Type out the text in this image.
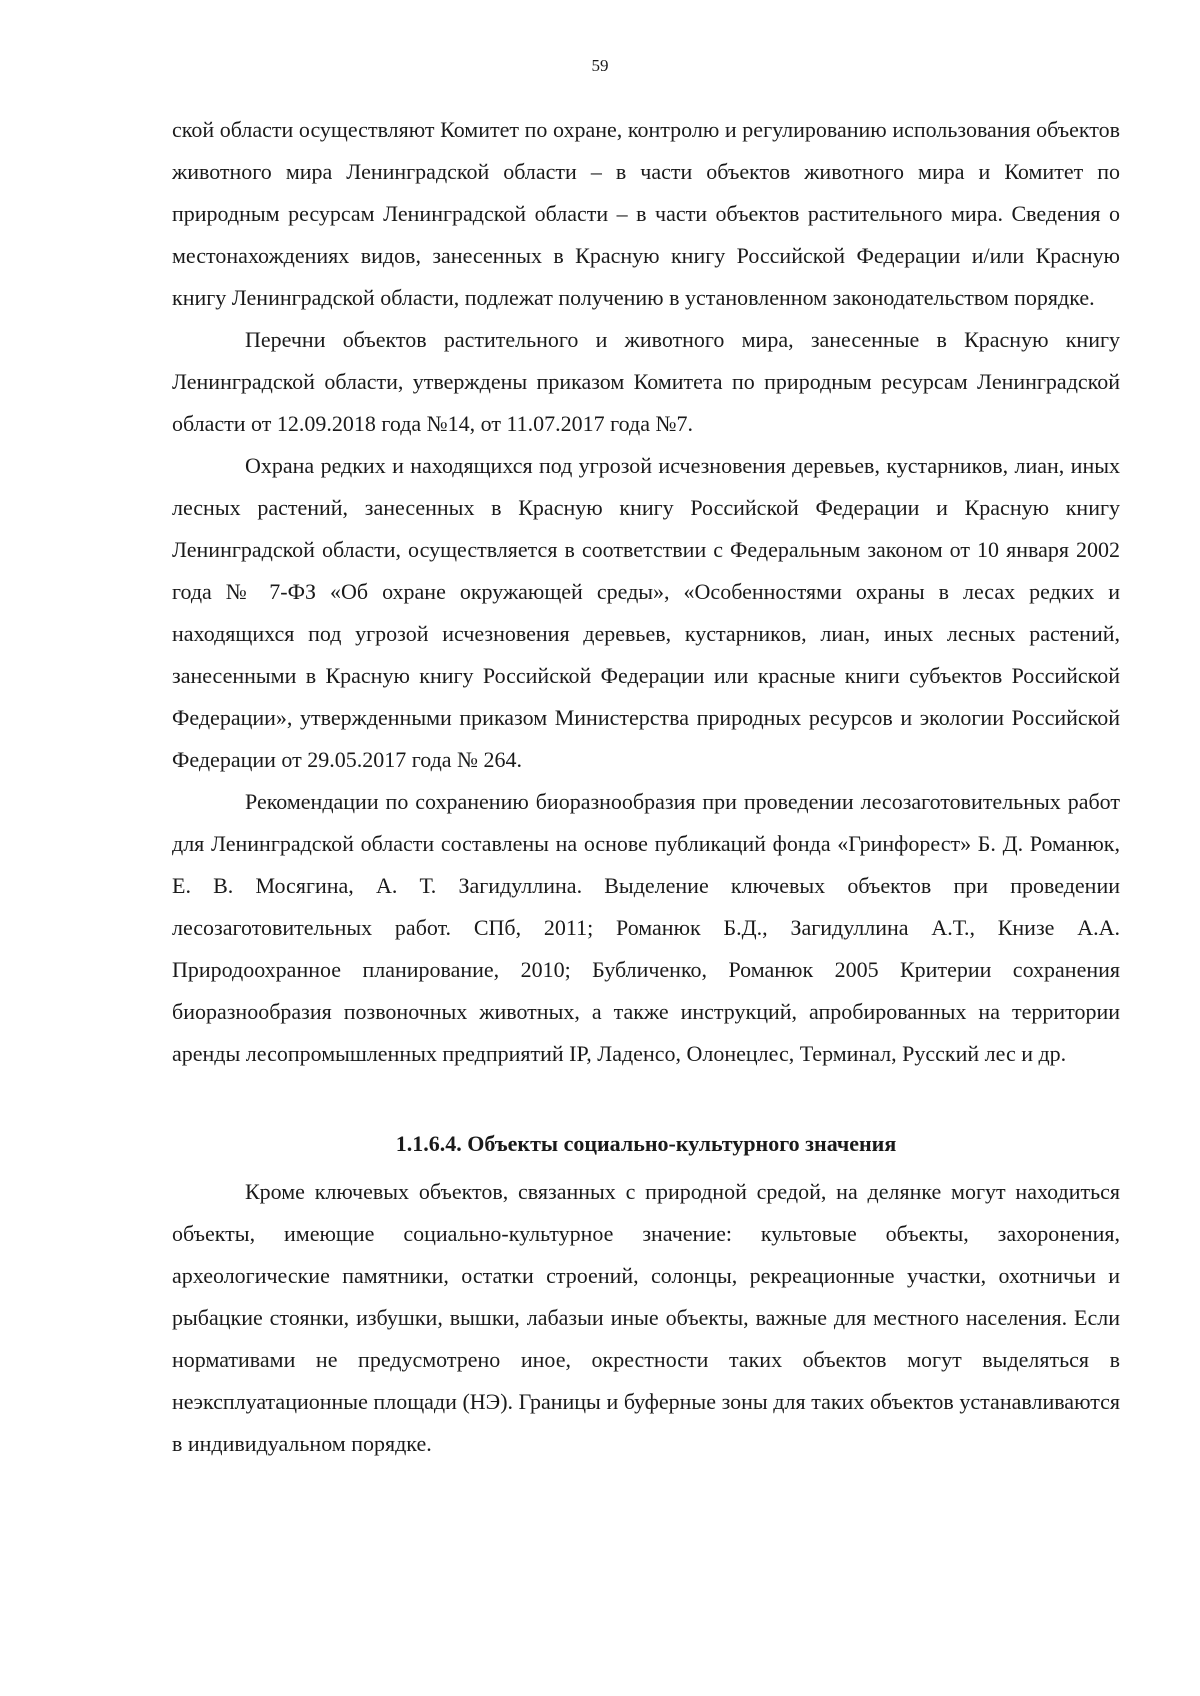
59

ской области осуществляют Комитет по охране, контролю и регулированию использования объектов животного мира Ленинградской области – в части объектов животного мира и Комитет по природным ресурсам Ленинградской области – в части объектов растительного мира. Сведения о местонахождениях видов, занесенных в Красную книгу Российской Федерации и/или Красную книгу Ленинградской области, подлежат получению в установленном законодательством порядке.

Перечни объектов растительного и животного мира, занесенные в Красную книгу Ленинградской области, утверждены приказом Комитета по природным ресурсам Ленинградской области от 12.09.2018 года №14, от 11.07.2017 года №7.

Охрана редких и находящихся под угрозой исчезновения деревьев, кустарников, лиан, иных лесных растений, занесенных в Красную книгу Российской Федерации и Красную книгу Ленинградской области, осуществляется в соответствии с Федеральным законом от 10 января 2002 года № 7-ФЗ «Об охране окружающей среды», «Особенностями охраны в лесах редких и находящихся под угрозой исчезновения деревьев, кустарников, лиан, иных лесных растений, занесенными в Красную книгу Российской Федерации или красные книги субъектов Российской Федерации», утвержденными приказом Министерства природных ресурсов и экологии Российской Федерации от 29.05.2017 года № 264.

Рекомендации по сохранению биоразнообразия при проведении лесозаготовительных работ для Ленинградской области составлены на основе публикаций фонда «Гринфорест» Б. Д. Романюк, Е. В. Мосягина, А. Т. Загидуллина. Выделение ключевых объектов при проведении лесозаготовительных работ. СПб, 2011; Романюк Б.Д., Загидуллина А.Т., Книзе А.А. Природоохранное планирование, 2010; Бубличенко, Романюк 2005 Критерии сохранения биоразнообразия позвоночных животных, а также инструкций, апробированных на территории аренды лесопромышленных предприятий IP, Ладенсо, Олонецлес, Терминал, Русский лес и др.

1.1.6.4. Объекты социально-культурного значения

Кроме ключевых объектов, связанных с природной средой, на делянке могут находиться объекты, имеющие социально-культурное значение: культовые объекты, захоронения, археологические памятники, остатки строений, солонцы, рекреационные участки, охотничьи и рыбацкие стоянки, избушки, вышки, лабазыи иные объекты, важные для местного населения. Если нормативами не предусмотрено иное, окрестности таких объектов могут выделяться в неэксплуатационные площади (НЭ). Границы и буферные зоны для таких объектов устанавливаются в индивидуальном порядке.
